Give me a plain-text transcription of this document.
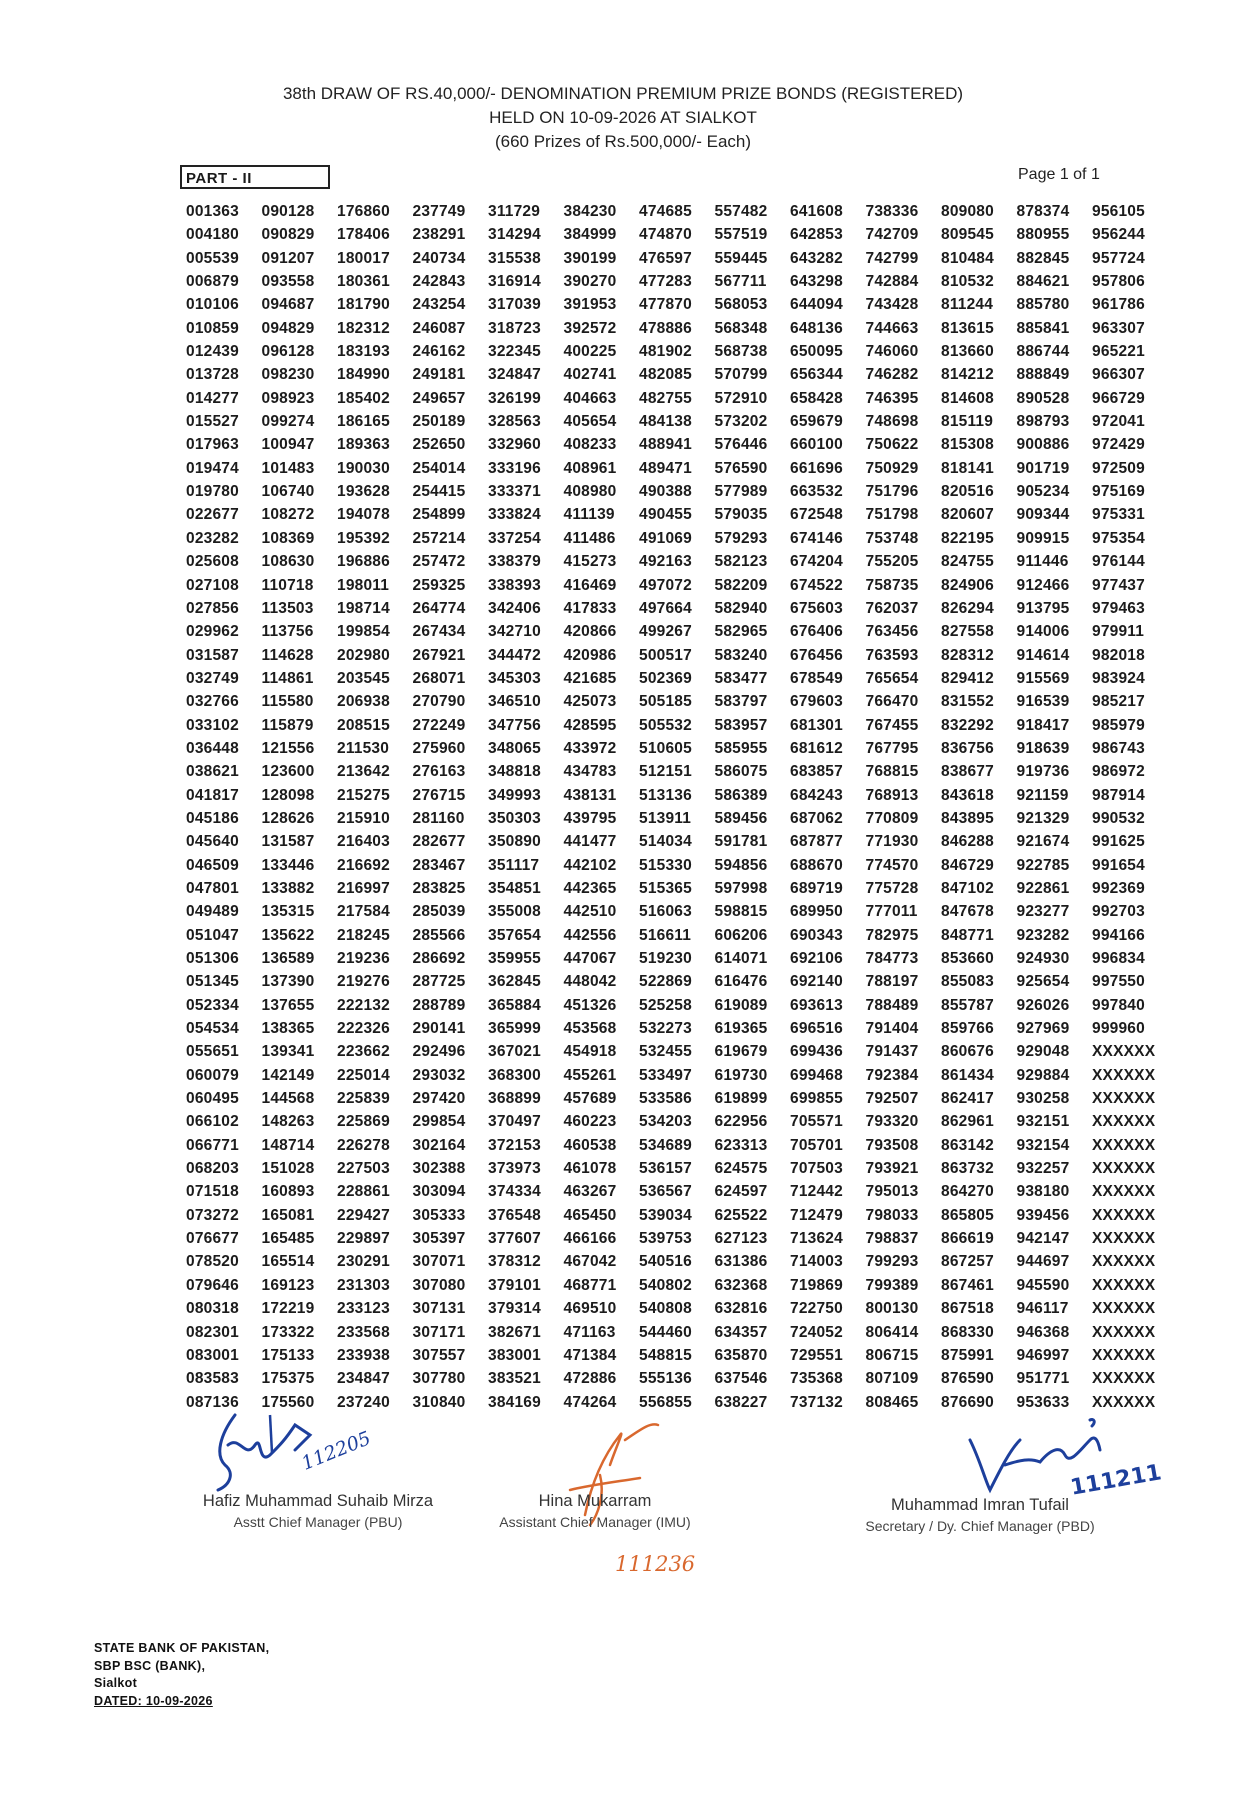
38th DRAW OF RS.40,000/- DENOMINATION PREMIUM PRIZE BONDS (REGISTERED)
HELD ON 10-09-2026 AT SIALKOT
(660 Prizes of Rs.500,000/- Each)
PART - II	Page 1 of 1
001363
004180
005539
006879
010106
010859
012439
013728
014277
015527
017963
019474
019780
022677
023282
025608
027108
027856
029962
031587
032749
032766
033102
036448
038621
041817
045186
045640
046509
047801
049489
051047
051306
051345
052334
054534
055651
060079
060495
066102
066771
068203
071518
073272
076677
078520
079646
080318
082301
083001
083583
087136
090128
090829
091207
093558
094687
094829
096128
098230
098923
099274
100947
101483
106740
108272
108369
108630
110718
113503
113756
114628
114861
115580
115879
121556
123600
128098
128626
131587
133446
133882
135315
135622
136589
137390
137655
138365
139341
142149
144568
148263
148714
151028
160893
165081
165485
165514
169123
172219
173322
175133
175375
175560
176860
178406
180017
180361
181790
182312
183193
184990
185402
186165
189363
190030
193628
194078
195392
196886
198011
198714
199854
202980
203545
206938
208515
211530
213642
215275
215910
216403
216692
216997
217584
218245
219236
219276
222132
222326
223662
225014
225839
225869
226278
227503
228861
229427
229897
230291
231303
233123
233568
233938
234847
237240
237749
238291
240734
242843
243254
246087
246162
249181
249657
250189
252650
254014
254415
254899
257214
257472
259325
264774
267434
267921
268071
270790
272249
275960
276163
276715
281160
282677
283467
283825
285039
285566
286692
287725
288789
290141
292496
293032
297420
299854
302164
302388
303094
305333
305397
307071
307080
307131
307171
307557
307780
310840
311729
314294
315538
316914
317039
318723
322345
324847
326199
328563
332960
333196
333371
333824
337254
338379
338393
342406
342710
344472
345303
346510
347756
348065
348818
349993
350303
350890
351117
354851
355008
357654
359955
362845
365884
365999
367021
368300
368899
370497
372153
373973
374334
376548
377607
378312
379101
379314
382671
383001
383521
384169
384230
384999
390199
390270
391953
392572
400225
402741
404663
405654
408233
408961
408980
411139
411486
415273
416469
417833
420866
420986
421685
425073
428595
433972
434783
438131
439795
441477
442102
442365
442510
442556
447067
448042
451326
453568
454918
455261
457689
460223
460538
461078
463267
465450
466166
467042
468771
469510
471163
471384
472886
474264
474685
474870
476597
477283
477870
478886
481902
482085
482755
484138
488941
489471
490388
490455
491069
492163
497072
497664
499267
500517
502369
505185
505532
510605
512151
513136
513911
514034
515330
515365
516063
516611
519230
522869
525258
532273
532455
533497
533586
534203
534689
536157
536567
539034
539753
540516
540802
540808
544460
548815
555136
556855
557482
557519
559445
567711
568053
568348
568738
570799
572910
573202
576446
576590
577989
579035
579293
582123
582209
582940
582965
583240
583477
583797
583957
585955
586075
586389
589456
591781
594856
597998
598815
606206
614071
616476
619089
619365
619679
619730
619899
622956
623313
624575
624597
625522
627123
631386
632368
632816
634357
635870
637546
638227
641608
642853
643282
643298
644094
648136
650095
656344
658428
659679
660100
661696
663532
672548
674146
674204
674522
675603
676406
676456
678549
679603
681301
681612
683857
684243
687062
687877
688670
689719
689950
690343
692106
692140
693613
696516
699436
699468
699855
705571
705701
707503
712442
712479
713624
714003
719869
722750
724052
729551
735368
737132
738336
742709
742799
742884
743428
744663
746060
746282
746395
748698
750622
750929
751796
751798
753748
755205
758735
762037
763456
763593
765654
766470
767455
767795
768815
768913
770809
771930
774570
775728
777011
782975
784773
788197
788489
791404
791437
792384
792507
793320
793508
793921
795013
798033
798837
799293
799389
800130
806414
806715
807109
808465
809080
809545
810484
810532
811244
813615
813660
814212
814608
815119
815308
818141
820516
820607
822195
824755
824906
826294
827558
828312
829412
831552
832292
836756
838677
843618
843895
846288
846729
847102
847678
848771
853660
855083
855787
859766
860676
861434
862417
862961
863142
863732
864270
865805
866619
867257
867461
867518
868330
875991
876590
876690
878374
880955
882845
884621
885780
885841
886744
888849
890528
898793
900886
901719
905234
909344
909915
911446
912466
913795
914006
914614
915569
916539
918417
918639
919736
921159
921329
921674
922785
922861
923277
923282
924930
925654
926026
927969
929048
929884
930258
932151
932154
932257
938180
939456
942147
944697
945590
946117
946368
946997
951771
953633
956105
956244
957724
957806
961786
963307
965221
966307
966729
972041
972429
972509
975169
975331
975354
976144
977437
979463
979911
982018
983924
985217
985979
986743
986972
987914
990532
991625
991654
992369
992703
994166
996834
997550
997840
999960
XXXXXX
XXXXXX
XXXXXX
XXXXXX
XXXXXX
XXXXXX
XXXXXX
XXXXXX
XXXXXX
XXXXXX
XXXXXX
XXXXXX
XXXXXX
XXXXXX
XXXXXX
XXXXXX
112205
111236
111211
Hafiz Muhammad Suhaib Mirza
Asstt Chief Manager (PBU)
Hina Mukarram
Assistant Chief Manager (IMU)
Muhammad Imran Tufail
Secretary / Dy. Chief Manager (PBD)
STATE BANK OF PAKISTAN,
SBP BSC (BANK),
Sialkot
DATED: 10-09-2026
